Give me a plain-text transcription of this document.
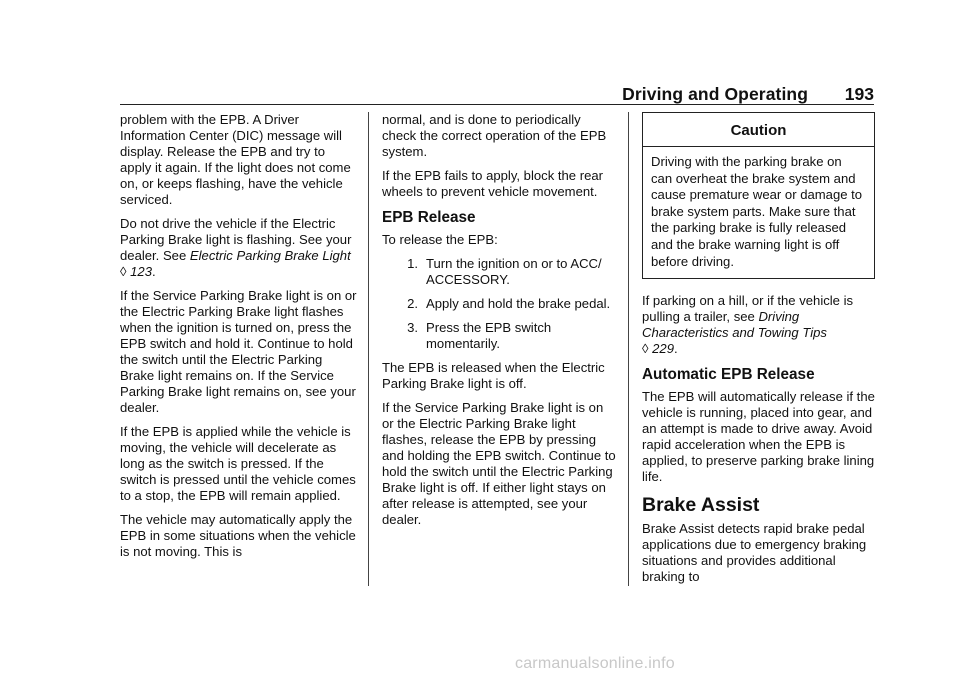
Driving and Operating 193

problem with the EPB. A Driver Information Center (DIC) message will display. Release the EPB and try to apply it again. If the light does not come on, or keeps flashing, have the vehicle serviced.

Do not drive the vehicle if the Electric Parking Brake light is flashing. See your dealer. See Electric Parking Brake Light ◊ 123.

If the Service Parking Brake light is on or the Electric Parking Brake light flashes when the ignition is turned on, press the EPB switch and hold it. Continue to hold the switch until the Electric Parking Brake light remains on. If the Service Parking Brake light remains on, see your dealer.

If the EPB is applied while the vehicle is moving, the vehicle will decelerate as long as the switch is pressed. If the switch is pressed until the vehicle comes to a stop, the EPB will remain applied.

The vehicle may automatically apply the EPB in some situations when the vehicle is not moving. This is

normal, and is done to periodically check the correct operation of the EPB system.

If the EPB fails to apply, block the rear wheels to prevent vehicle movement.

EPB Release

To release the EPB:

1. Turn the ignition on or to ACC/ ACCESSORY.
2. Apply and hold the brake pedal.
3. Press the EPB switch momentarily.

The EPB is released when the Electric Parking Brake light is off.

If the Service Parking Brake light is on or the Electric Parking Brake light flashes, release the EPB by pressing and holding the EPB switch. Continue to hold the switch until the Electric Parking Brake light is off. If either light stays on after release is attempted, see your dealer.

Caution
Driving with the parking brake on can overheat the brake system and cause premature wear or damage to brake system parts. Make sure that the parking brake is fully released and the brake warning light is off before driving.

If parking on a hill, or if the vehicle is pulling a trailer, see Driving Characteristics and Towing Tips
◊ 229.

Automatic EPB Release

The EPB will automatically release if the vehicle is running, placed into gear, and an attempt is made to drive away. Avoid rapid acceleration when the EPB is applied, to preserve parking brake lining life.

Brake Assist

Brake Assist detects rapid brake pedal applications due to emergency braking situations and provides additional braking to

carmanualsonline.info
